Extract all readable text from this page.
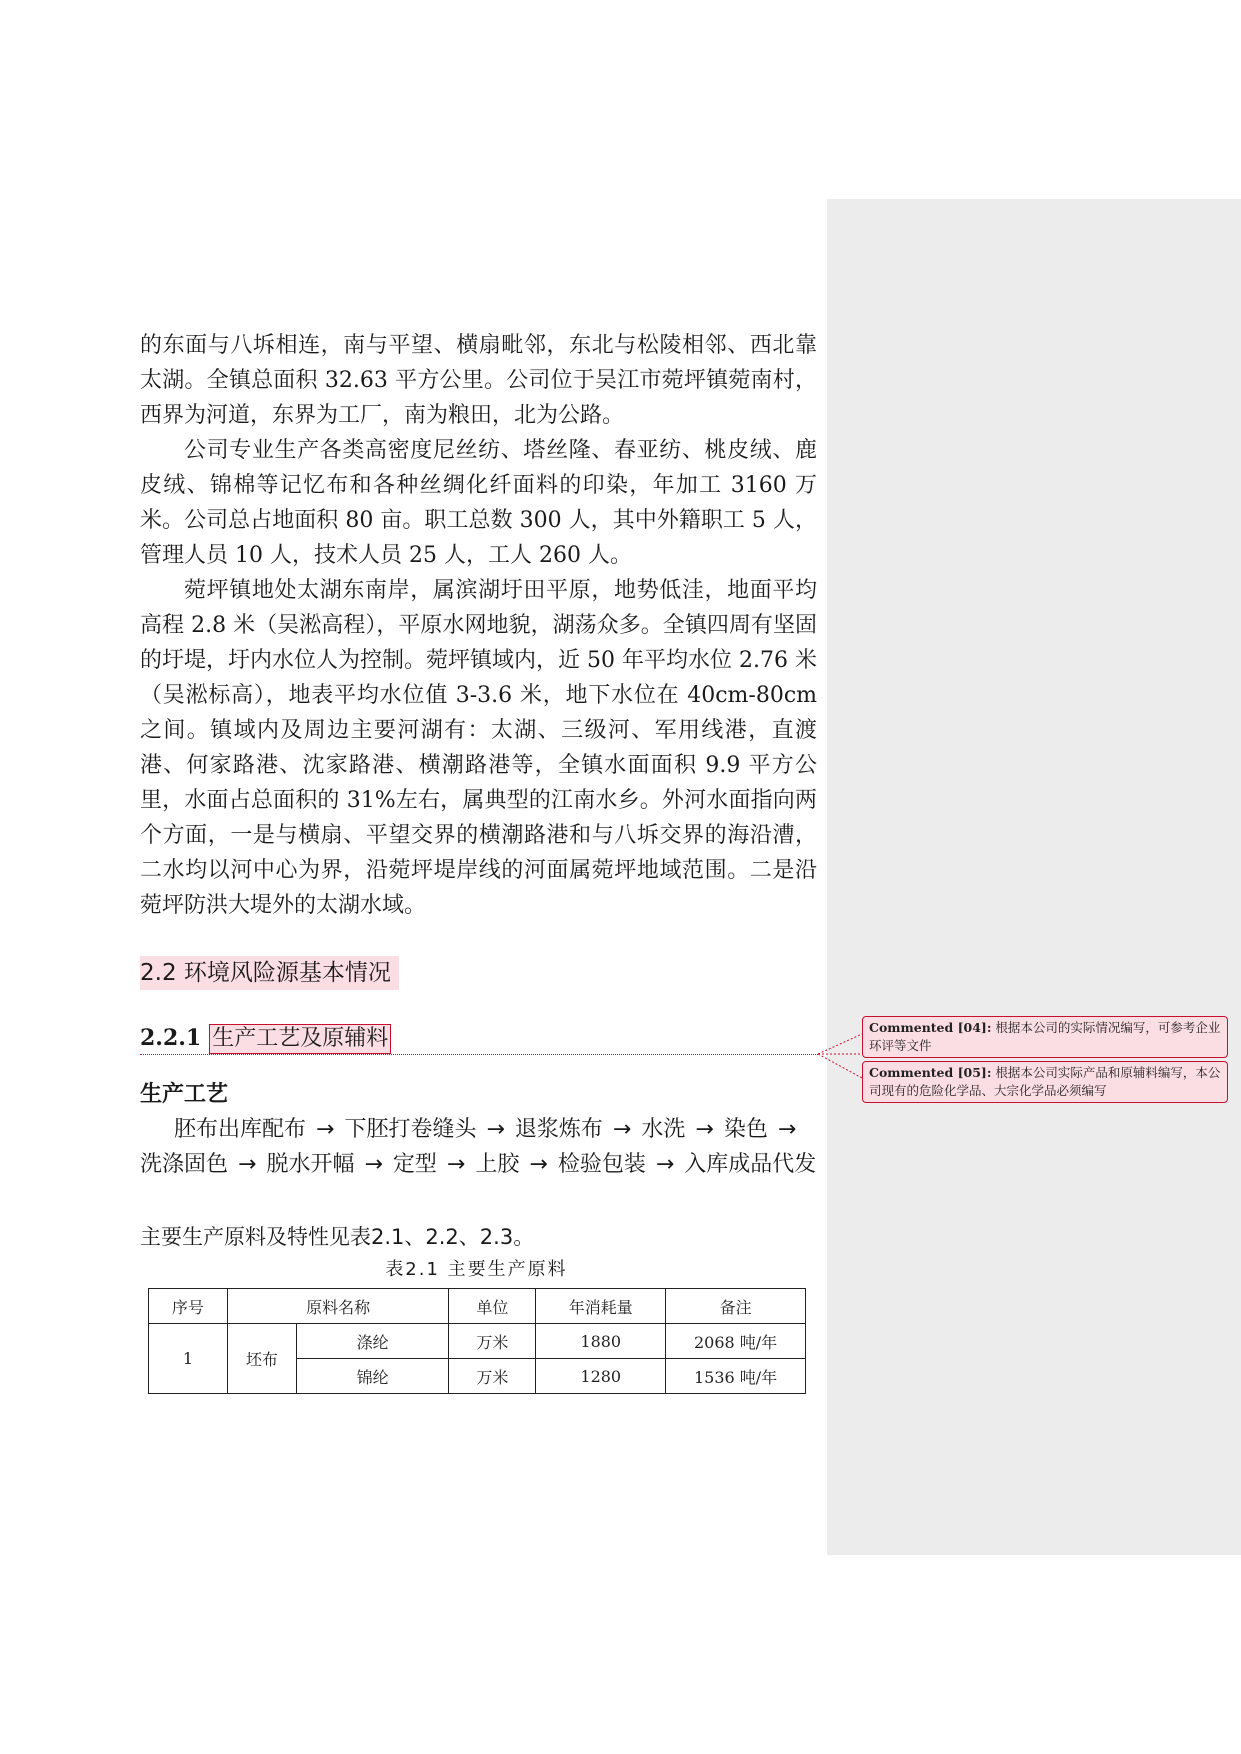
的东面与八坼相连，南与平望、横扇毗邻，东北与松陵相邻、西北靠太湖。全镇总面积 32.63 平方公里。公司位于吴江市菀坪镇菀南村，西界为河道，东界为工厂，南为粮田，北为公路。

公司专业生产各类高密度尼丝纺、塔丝隆、春亚纺、桃皮绒、鹿皮绒、锦棉等记忆布和各种丝绸化纤面料的印染，年加工 3160 万米。公司总占地面积 80 亩。职工总数 300 人，其中外籍职工 5 人，管理人员 10 人，技术人员 25 人，工人 260 人。

菀坪镇地处太湖东南岸，属滨湖圩田平原，地势低洼，地面平均高程 2.8 米（吴淞高程），平原水网地貌，湖荡众多。全镇四周有坚固的圩堤，圩内水位人为控制。菀坪镇域内，近 50 年平均水位 2.76 米（吴淞标高），地表平均水位值 3-3.6 米，地下水位在 40cm-80cm 之间。镇域内及周边主要河湖有：太湖、三级河、军用线港，直渡港、何家路港、沈家路港、横潮路港等，全镇水面面积 9.9 平方公里，水面占总面积的 31%左右，属典型的江南水乡。外河水面指向两个方面，一是与横扇、平望交界的横潮路港和与八坼交界的海沿漕，二水均以河中心为界，沿菀坪堤岸线的河面属菀坪地域范围。二是沿菀坪防洪大堤外的太湖水域。

2.2 环境风险源基本情况
2.2.1 生产工艺及原辅料
生产工艺
胚布出库配布 → 下胚打卷缝头 → 退浆炼布 → 水洗 → 染色 →
洗涤固色 → 脱水开幅 → 定型 → 上胶 → 检验包装 → 入库成品代发
主要生产原料及特性见表2.1、2.2、2.3。
表2.1 主要生产原料
序号	原料名称		单位	年消耗量	备注
1	坯布	涤纶	万米	1880	2068 吨/年
		锦纶	万米	1280	1536 吨/年
Commented [04]: 根据本公司的实际情况编写，可参考企业环评等文件
Commented [05]: 根据本公司实际产品和原辅料编写，本公司现有的危险化学品、大宗化学品必须编写
